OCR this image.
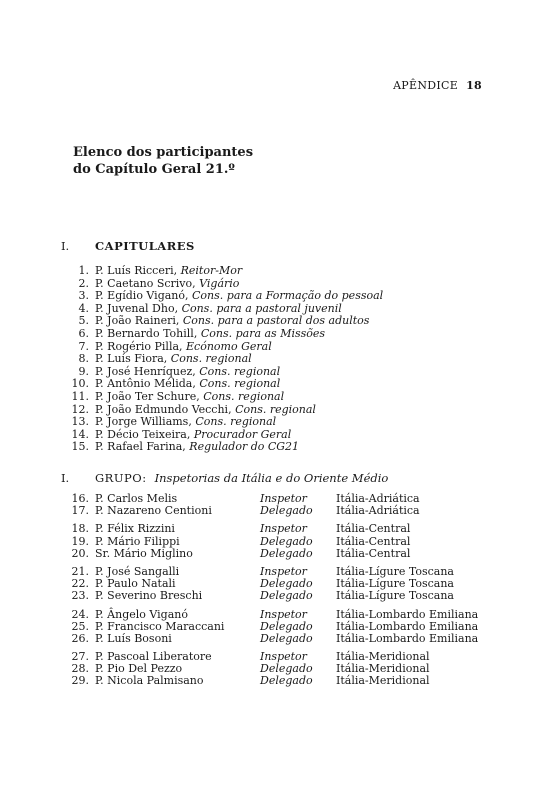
APÊNDICE 18
Elenco dos participantes
do Capítulo Geral 21.º
I. CAPITULARES
1. P. Luís Ricceri, Reitor-Mor
2. P. Caetano Scrivo, Vigário
3. P. Egídio Viganó, Cons. para a Formação do pessoal
4. P. Juvenal Dho, Cons. para a pastoral juvenil
5. P. João Raineri, Cons. para a pastoral dos adultos
6. P. Bernardo Tohill, Cons. para as Missões
7. P. Rogério Pilla, Ecónomo Geral
8. P. Luís Fiora, Cons. regional
9. P. José Henríquez, Cons. regional
10. P. Antônio Mélida, Cons. regional
11. P. João Ter Schure, Cons. regional
12. P. João Edmundo Vecchi, Cons. regional
13. P. Jorge Williams, Cons. regional
14. P. Décio Teixeira, Procurador Geral
15. P. Rafael Farina, Regulador do CG21
I. GRUPO: Inspetorias da Itália e do Oriente Médio
16. P. Carlos Melis	Inspetor	Itália-Adriática
17. P. Nazareno Centioni	Delegado	Itália-Adriática
18. P. Félix Rizzini	Inspetor	Itália-Central
19. P. Mário Filippi	Delegado	Itália-Central
20. Sr. Mário Miglino	Delegado	Itália-Central
21. P. José Sangalli	Inspetor	Itália-Lígure Toscana
22. P. Paulo Natali	Delegado	Itália-Lígure Toscana
23. P. Severino Breschi	Delegado	Itália-Lígure Toscana
24. P. Ângelo Viganó	Inspetor	Itália-Lombardo Emiliana
25. P. Francisco Maraccani	Delegado	Itália-Lombardo Emiliana
26. P. Luís Bosoni	Delegado	Itália-Lombardo Emiliana
27. P. Pascoal Liberatore	Inspetor	Itália-Meridional
28. P. Pio Del Pezzo	Delegado	Itália-Meridional
29. P. Nicola Palmisano	Delegado	Itália-Meridional
